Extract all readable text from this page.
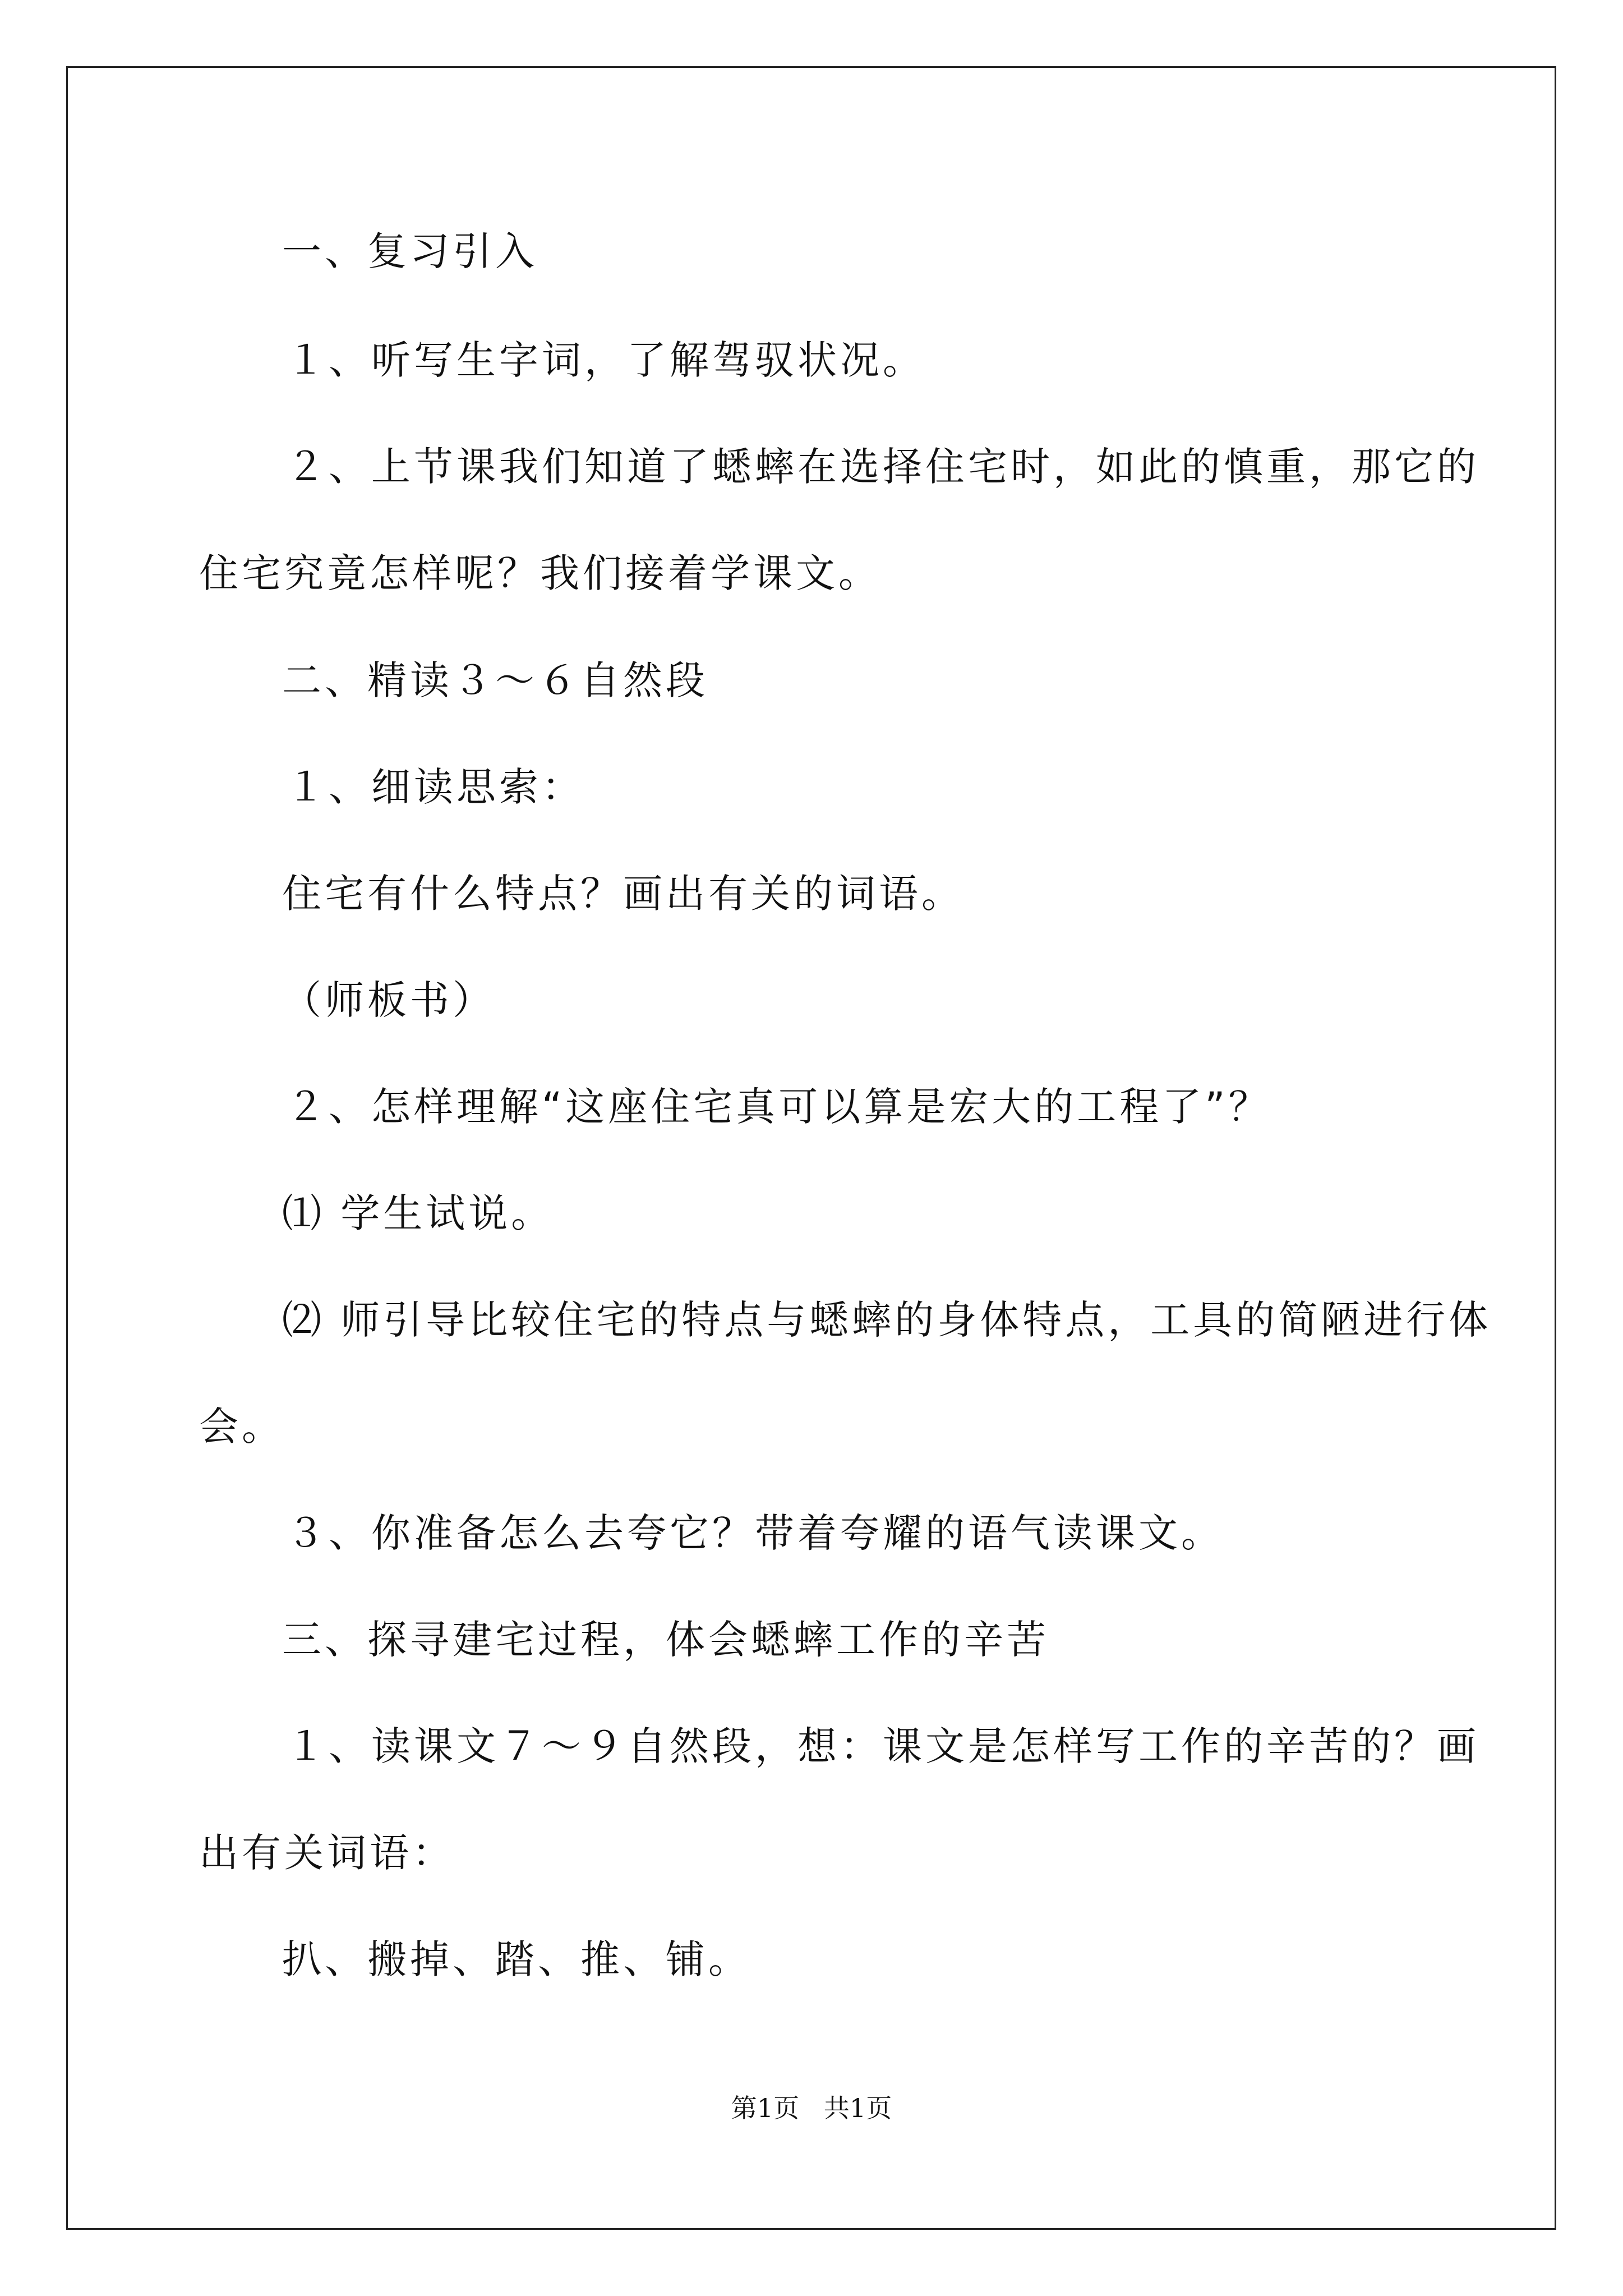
一、复习引入
１、听写生字词，了解驾驭状况。
２、上节课我们知道了蟋蟀在选择住宅时，如此的慎重，那它的
住宅究竟怎样呢？我们接着学课文。
二、精读３～６自然段
１、细读思索：
住宅有什么特点？画出有关的词语。
（师板书）
２、怎样理解“这座住宅真可以算是宏大的工程了”？
⑴ 学生试说。
⑵ 师引导比较住宅的特点与蟋蟀的身体特点，工具的简陋进行体
会。
３、你准备怎么去夸它？带着夸耀的语气读课文。
三、探寻建宅过程，体会蟋蟀工作的辛苦
１、读课文７～９自然段，想：课文是怎样写工作的辛苦的？画
出有关词语：
扒、搬掉、踏、推、铺。
第1页   共1页
